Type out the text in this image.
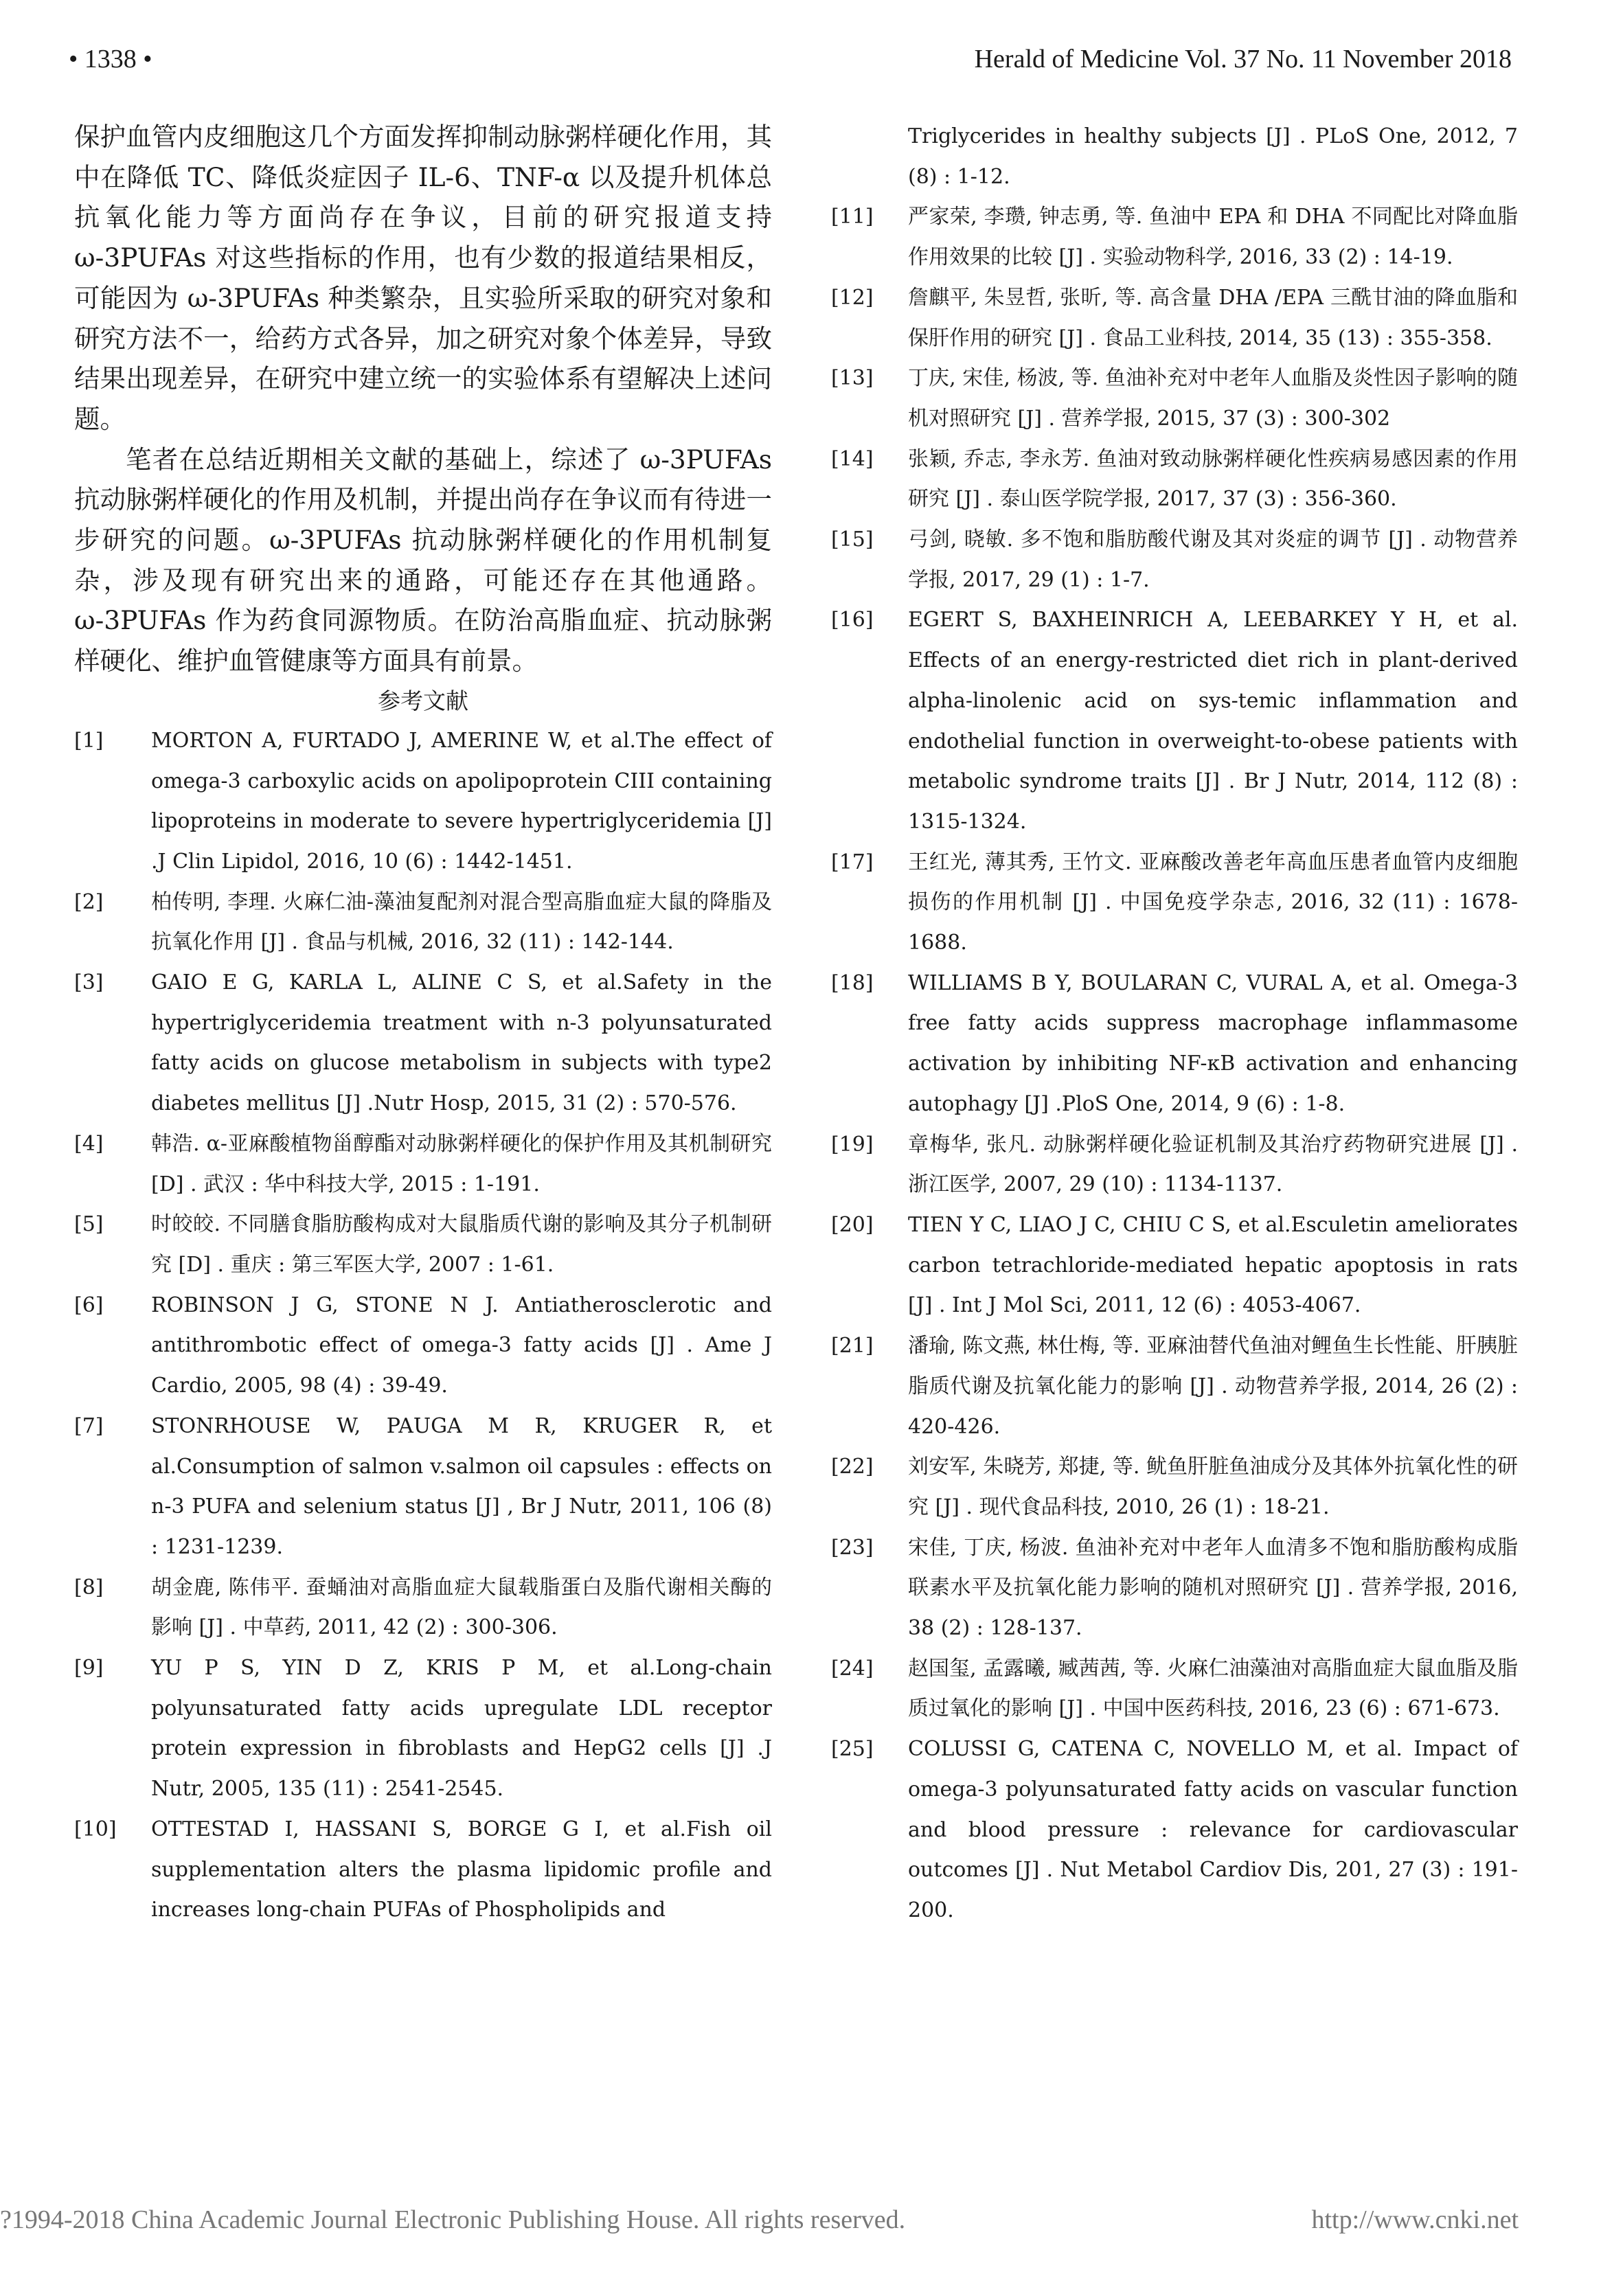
• 1338 •	Herald of Medicine Vol. 37 No. 11 November 2018

保护血管内皮细胞这几个方面发挥抑制动脉粥样硬化作用，其中在降低 TC、降低炎症因子 IL-6、TNF-α 以及提升机体总抗氧化能力等方面尚存在争议，目前的研究报道支持 ω-3PUFAs 对这些指标的作用，也有少数的报道结果相反，可能因为 ω-3PUFAs 种类繁杂，且实验所采取的研究对象和研究方法不一，给药方式各异，加之研究对象个体差异，导致结果出现差异，在研究中建立统一的实验体系有望解决上述问题。

笔者在总结近期相关文献的基础上，综述了 ω-3PUFAs 抗动脉粥样硬化的作用及机制，并提出尚存在争议而有待进一步研究的问题。ω-3PUFAs 抗动脉粥样硬化的作用机制复杂，涉及现有研究出来的通路，可能还存在其他通路。ω-3PUFAs 作为药食同源物质。在防治高脂血症、抗动脉粥样硬化、维护血管健康等方面具有前景。

参考文献

[1]	MORTON A, FURTADO J, AMERINE W, et al.The effect of omega-3 carboxylic acids on apolipoprotein CIII containing lipoproteins in moderate to severe hypertriglyceridemia [J] .J Clin Lipidol, 2016, 10 (6) : 1442-1451.
[2]	柏传明, 李理. 火麻仁油-藻油复配剂对混合型高脂血症大鼠的降脂及抗氧化作用 [J] . 食品与机械, 2016, 32 (11) : 142-144.
[3]	GAIO E G, KARLA L, ALINE C S, et al.Safety in the hypertriglyceridemia treatment with n-3 polyunsaturated fatty acids on glucose metabolism in subjects with type2 diabetes mellitus [J] .Nutr Hosp, 2015, 31 (2) : 570-576.
[4]	韩浩. α-亚麻酸植物甾醇酯对动脉粥样硬化的保护作用及其机制研究 [D] . 武汉 : 华中科技大学, 2015 : 1-191.
[5]	时皎皎. 不同膳食脂肪酸构成对大鼠脂质代谢的影响及其分子机制研究 [D] . 重庆 : 第三军医大学, 2007 : 1-61.
[6]	ROBINSON J G, STONE N J. Antiatherosclerotic and antithrombotic effect of omega-3 fatty acids [J] . Ame J Cardio, 2005, 98 (4) : 39-49.
[7]	STONRHOUSE W, PAUGA M R, KRUGER R, et al.Consumption of salmon v.salmon oil capsules : effects on n-3 PUFA and selenium status [J] , Br J Nutr, 2011, 106 (8) : 1231-1239.
[8]	胡金鹿, 陈伟平. 蚕蛹油对高脂血症大鼠载脂蛋白及脂代谢相关酶的影响 [J] . 中草药, 2011, 42 (2) : 300-306.
[9]	YU P S, YIN D Z, KRIS P M, et al.Long-chain polyunsaturated fatty acids upregulate LDL receptor protein expression in fibroblasts and HepG2 cells [J] .J Nutr, 2005, 135 (11) : 2541-2545.
[10] OTTESTAD I, HASSANI S, BORGE G I, et al.Fish oil supplementation alters the plasma lipidomic profile and increases long-chain PUFAs of Phospholipids and
Triglycerides in healthy subjects [J] . PLoS One, 2012, 7 (8) : 1-12.
[11] 严家荣, 李瓒, 钟志勇, 等. 鱼油中 EPA 和 DHA 不同配比对降血脂作用效果的比较 [J] . 实验动物科学, 2016, 33 (2) : 14-19.
[12] 詹麒平, 朱昱哲, 张昕, 等. 高含量 DHA /EPA 三酰甘油的降血脂和保肝作用的研究 [J] . 食品工业科技, 2014, 35 (13) : 355-358.
[13] 丁庆, 宋佳, 杨波, 等. 鱼油补充对中老年人血脂及炎性因子影响的随机对照研究 [J] . 营养学报, 2015, 37 (3) : 300-302
[14] 张颖, 乔志, 李永芳. 鱼油对致动脉粥样硬化性疾病易感因素的作用研究 [J] . 泰山医学院学报, 2017, 37 (3) : 356-360.
[15] 弓剑, 晓敏. 多不饱和脂肪酸代谢及其对炎症的调节 [J] . 动物营养学报, 2017, 29 (1) : 1-7.
[16] EGERT S, BAXHEINRICH A, LEEBARKEY Y H, et al. Effects of an energy-restricted diet rich in plant-derived alpha-linolenic acid on sys-temic inflammation and endothelial function in overweight-to-obese patients with metabolic syndrome traits [J] . Br J Nutr, 2014, 112 (8) : 1315-1324.
[17] 王红光, 薄其秀, 王竹文. 亚麻酸改善老年高血压患者血管内皮细胞损伤的作用机制 [J] . 中国免疫学杂志, 2016, 32 (11) : 1678-1688.
[18] WILLIAMS B Y, BOULARAN C, VURAL A, et al. Omega-3 free fatty acids suppress macrophage inflammasome activation by inhibiting NF-κB activation and enhancing autophagy [J] .PloS One, 2014, 9 (6) : 1-8.
[19] 章梅华, 张凡. 动脉粥样硬化验证机制及其治疗药物研究进展 [J] . 浙江医学, 2007, 29 (10) : 1134-1137.
[20] TIEN Y C, LIAO J C, CHIU C S, et al.Esculetin ameliorates carbon tetrachloride-mediated hepatic apoptosis in rats [J] . Int J Mol Sci, 2011, 12 (6) : 4053-4067.
[21] 潘瑜, 陈文燕, 林仕梅, 等. 亚麻油替代鱼油对鲤鱼生长性能、肝胰脏脂质代谢及抗氧化能力的影响 [J] . 动物营养学报, 2014, 26 (2) : 420-426.
[22] 刘安军, 朱晓芳, 郑捷, 等. 鱿鱼肝脏鱼油成分及其体外抗氧化性的研究 [J] . 现代食品科技, 2010, 26 (1) : 18-21.
[23] 宋佳, 丁庆, 杨波. 鱼油补充对中老年人血清多不饱和脂肪酸构成脂联素水平及抗氧化能力影响的随机对照研究 [J] . 营养学报, 2016, 38 (2) : 128-137.
[24] 赵国玺, 孟露曦, 臧茜茜, 等. 火麻仁油藻油对高脂血症大鼠血脂及脂质过氧化的影响 [J] . 中国中医药科技, 2016, 23 (6) : 671-673.
[25] COLUSSI G, CATENA C, NOVELLO M, et al. Impact of omega-3 polyunsaturated fatty acids on vascular function and blood pressure : relevance for cardiovascular outcomes [J] . Nut Metabol Cardiov Dis, 201, 27 (3) : 191-200.
?1994-2018 China Academic Journal Electronic Publishing House. All rights reserved.	http://www.cnki.net
